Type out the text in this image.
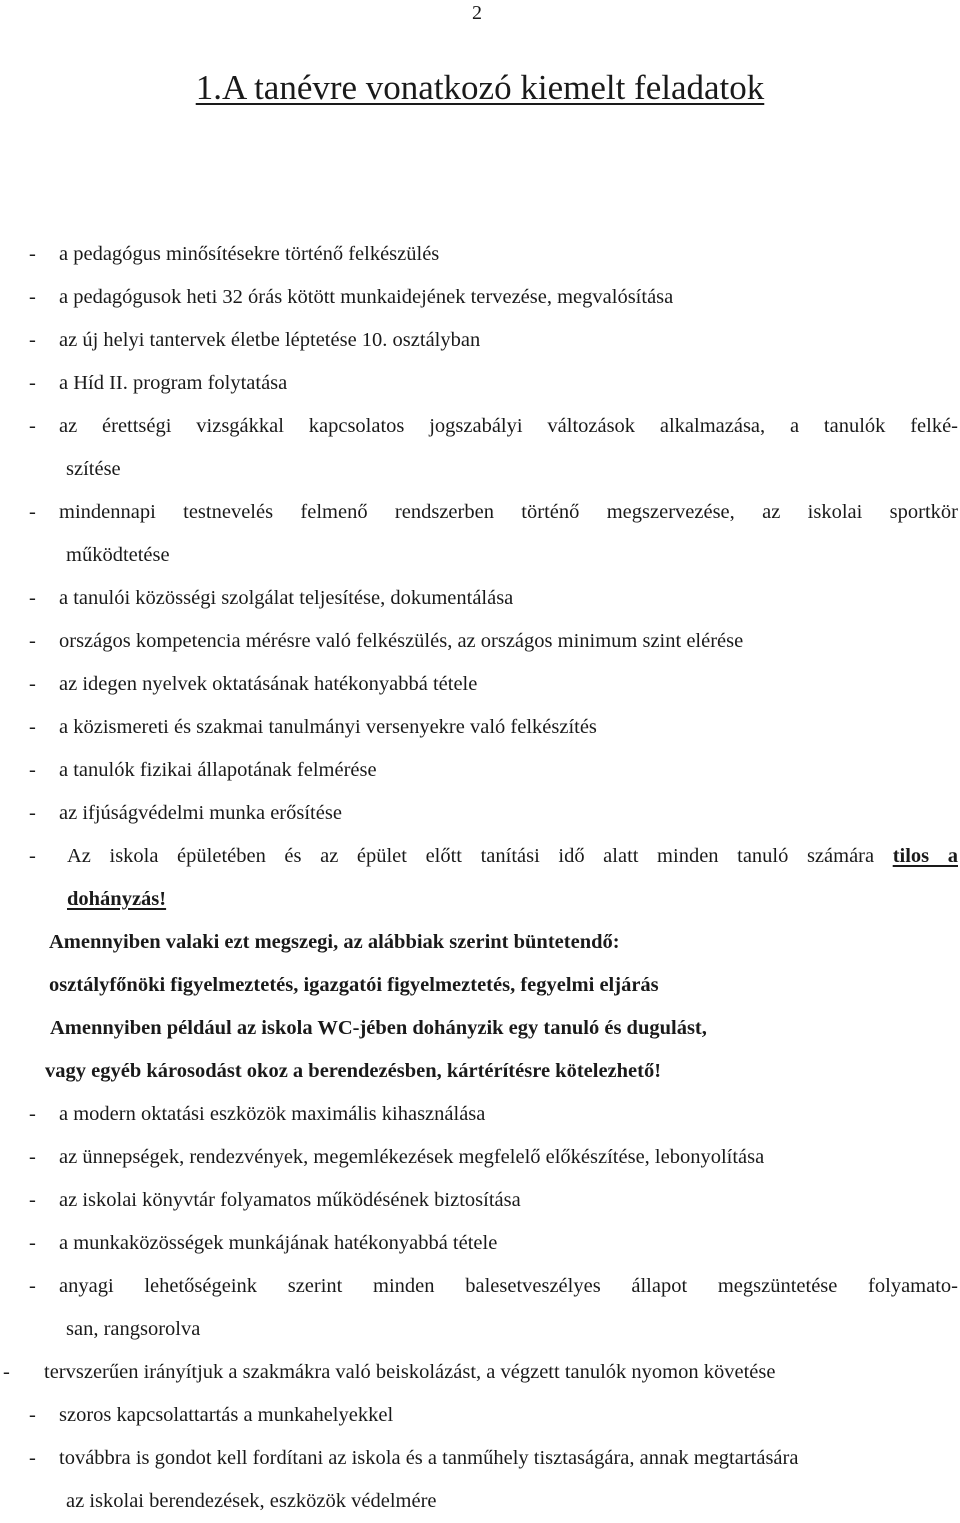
2
1.A tanévre vonatkozó kiemelt feladatok
- a pedagógus minősítésekre történő felkészülés
- a pedagógusok heti 32 órás kötött munkaidejének tervezése, megvalósítása
- az új helyi tantervek életbe léptetése 10. osztályban
- a Híd II. program folytatása
- az érettségi vizsgákkal kapcsolatos jogszabályi változások alkalmazása, a tanulók felké-
szítése
- mindennapi testnevelés felmenő rendszerben történő megszervezése, az iskolai sportkör
működtetése
- a tanulói közösségi szolgálat teljesítése, dokumentálása
- országos kompetencia mérésre való felkészülés, az országos minimum szint elérése
- az idegen nyelvek oktatásának hatékonyabbá tétele
- a közismereti és szakmai tanulmányi versenyekre való felkészítés
- a tanulók fizikai állapotának felmérése
- az ifjúságvédelmi munka erősítése
- Az iskola épületében és az épület előtt tanítási idő alatt minden tanuló számára tilos a
dohányzás!
Amennyiben valaki ezt megszegi, az alábbiak szerint büntetendő:
osztályfőnöki figyelmeztetés, igazgatói figyelmeztetés, fegyelmi eljárás
Amennyiben például az iskola WC-jében dohányzik egy tanuló és dugulást,
vagy egyéb károsodást okoz a berendezésben, kártérítésre kötelezhető!
- a modern oktatási eszközök maximális kihasználása
- az ünnepségek, rendezvények, megemlékezések megfelelő előkészítése, lebonyolítása
- az iskolai könyvtár folyamatos működésének biztosítása
- a munkaközösségek munkájának hatékonyabbá tétele
- anyagi lehetőségeink szerint minden balesetveszélyes állapot megszüntetése folyamato-
san, rangsorolva
- tervszerűen irányítjuk a szakmákra való beiskolázást, a végzett tanulók nyomon követése
- szoros kapcsolattartás a munkahelyekkel
- továbbra is gondot kell fordítani az iskola és a tanműhely tisztaságára, annak megtartására
az iskolai berendezések, eszközök védelmére
